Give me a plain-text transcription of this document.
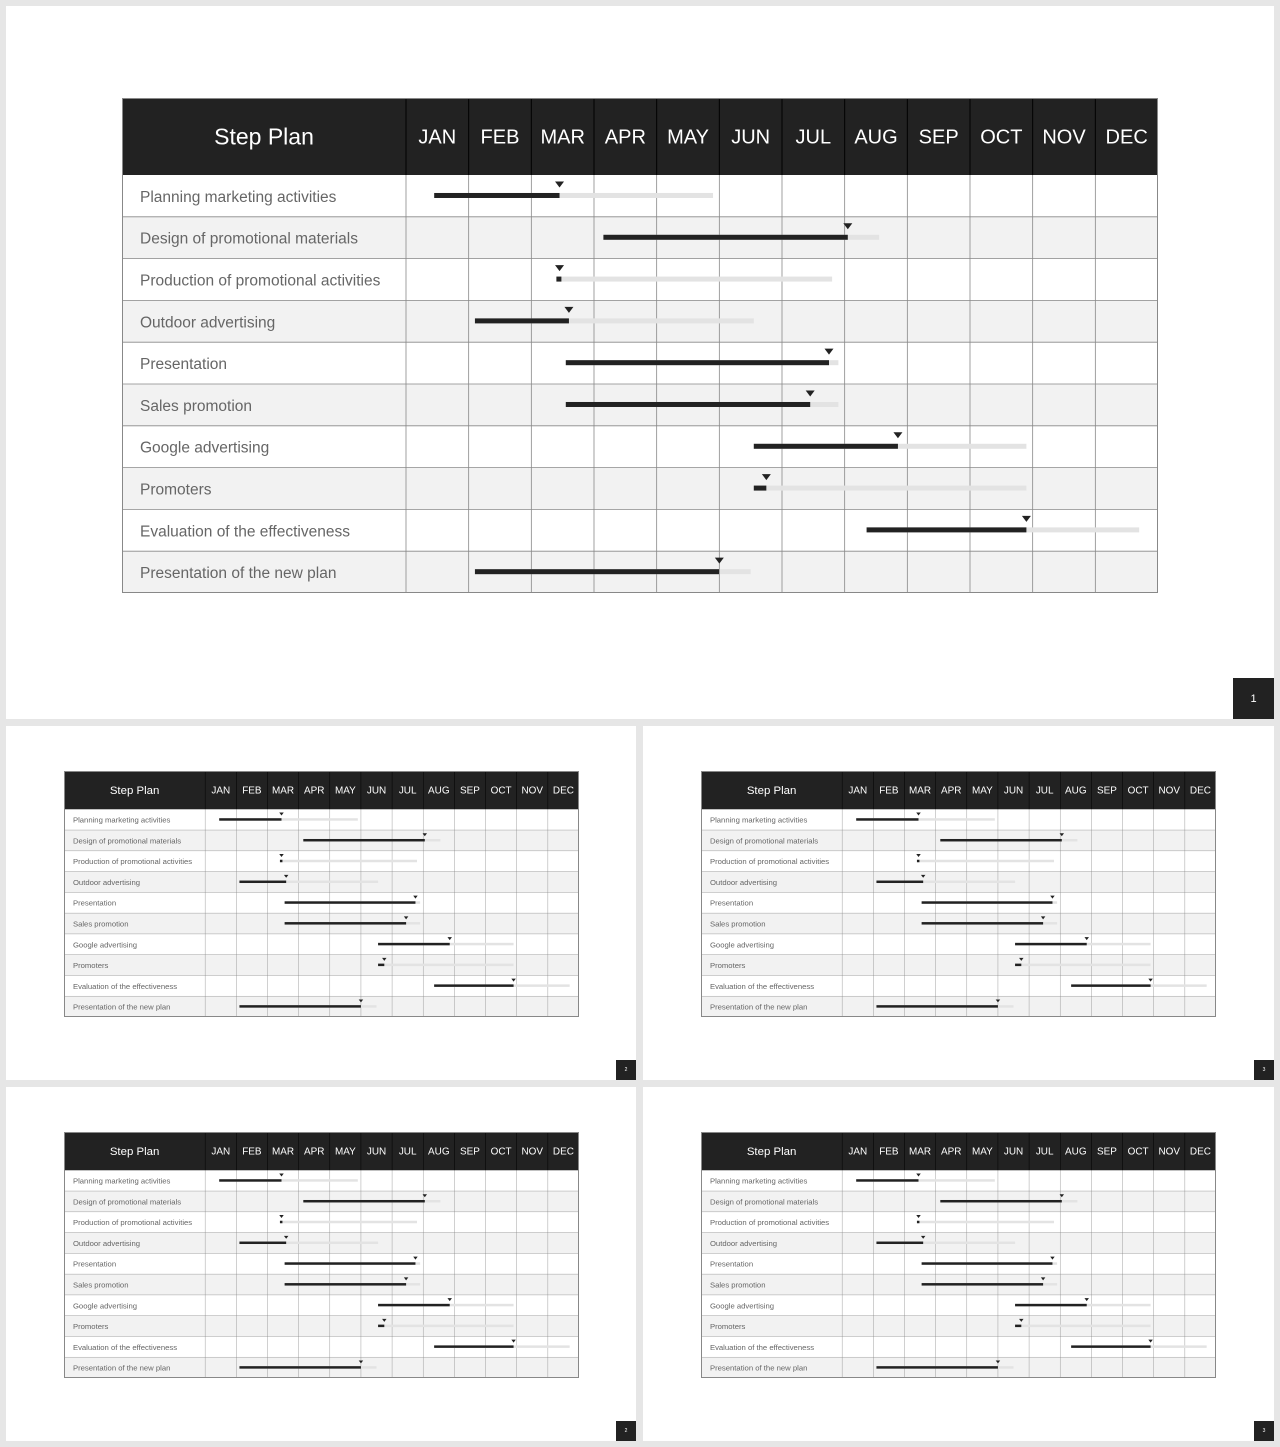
Step Plan	JAN FEB MAR APR MAY JUN JUL AUG SEP OCT NOV DEC
Planning marketing activities
Design of promotional materials
Production of promotional activities
Outdoor advertising
Presentation
Sales promotion
Google advertising
Promoters
Evaluation of the effectiveness
Presentation of the new plan
1
Step Plan	JAN FEB MAR APR MAY JUN JUL AUG SEP OCT NOV DEC
Planning marketing activities
Design of promotional materials
Production of promotional activities
Outdoor advertising
Presentation
Sales promotion
Google advertising
Promoters
Evaluation of the effectiveness
Presentation of the new plan
2
Step Plan	JAN FEB MAR APR MAY JUN JUL AUG SEP OCT NOV DEC
Planning marketing activities
Design of promotional materials
Production of promotional activities
Outdoor advertising
Presentation
Sales promotion
Google advertising
Promoters
Evaluation of the effectiveness
Presentation of the new plan
3
Step Plan	JAN FEB MAR APR MAY JUN JUL AUG SEP OCT NOV DEC
Planning marketing activities
Design of promotional materials
Production of promotional activities
Outdoor advertising
Presentation
Sales promotion
Google advertising
Promoters
Evaluation of the effectiveness
Presentation of the new plan
2
Step Plan	JAN FEB MAR APR MAY JUN JUL AUG SEP OCT NOV DEC
Planning marketing activities
Design of promotional materials
Production of promotional activities
Outdoor advertising
Presentation
Sales promotion
Google advertising
Promoters
Evaluation of the effectiveness
Presentation of the new plan
3
